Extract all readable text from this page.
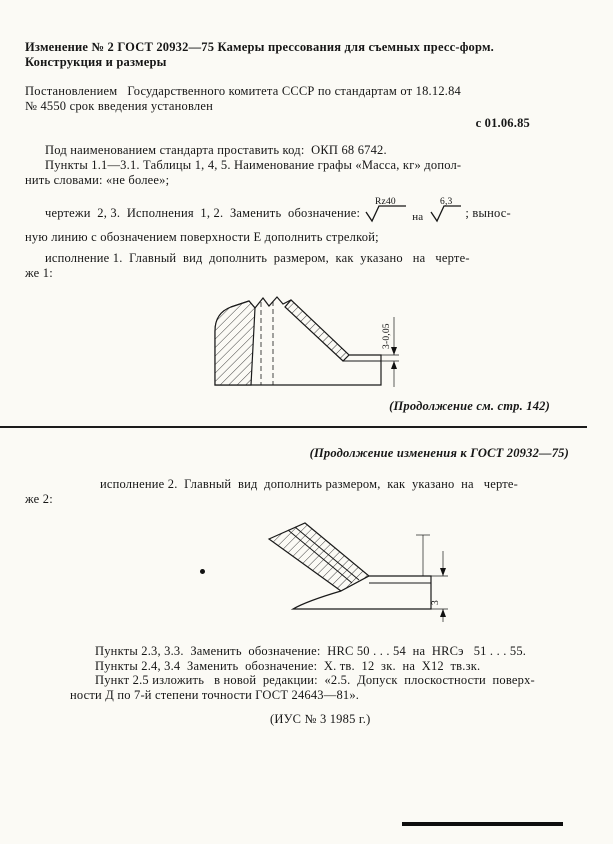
Изменение № 2 ГОСТ 20932—75 Камеры прессования для съемных пресс-форм.
Конструкция и размеры
Постановлением   Государственного комитета СССР по стандартам от 18.12.84
№ 4550 срок введения установлен
с 01.06.85
Под наименованием стандарта проставить код:  ОКП 68 6742.
Пункты 1.1—3.1. Таблицы 1, 4, 5. Наименование графы «Масса, кг» допол-
нить словами: «не более»;
чертежи  2, 3.  Исполнения  1, 2.  Заменить  обозначение:
Rz40
на
6,3
; вынос-
ную линию с обозначением поверхности Е дополнить стрелкой;
исполнение 1.  Главный  вид  дополнить  размером,  как  указано   на   черте-
же 1:
3-0,05
(Продолжение см. стр. 142)
(Продолжение изменения к ГОСТ 20932—75)
исполнение 2.  Главный  вид  дополнить размером,  как  указано  на   черте-
же 2:
3
Пункты 2.3, 3.3.  Заменить  обозначение:  HRC 50 . . . 54  на  HRCэ   51 . . . 55.
Пункты 2.4, 3.4  Заменить  обозначение:  Х. тв.  12  зк.  на  Х12  тв.зк.
Пункт 2.5 изложить   в новой  редакции:  «2.5.  Допуск  плоскостности  поверх-
ности Д по 7-й степени точности ГОСТ 24643—81».
(ИУС № 3 1985 г.)
